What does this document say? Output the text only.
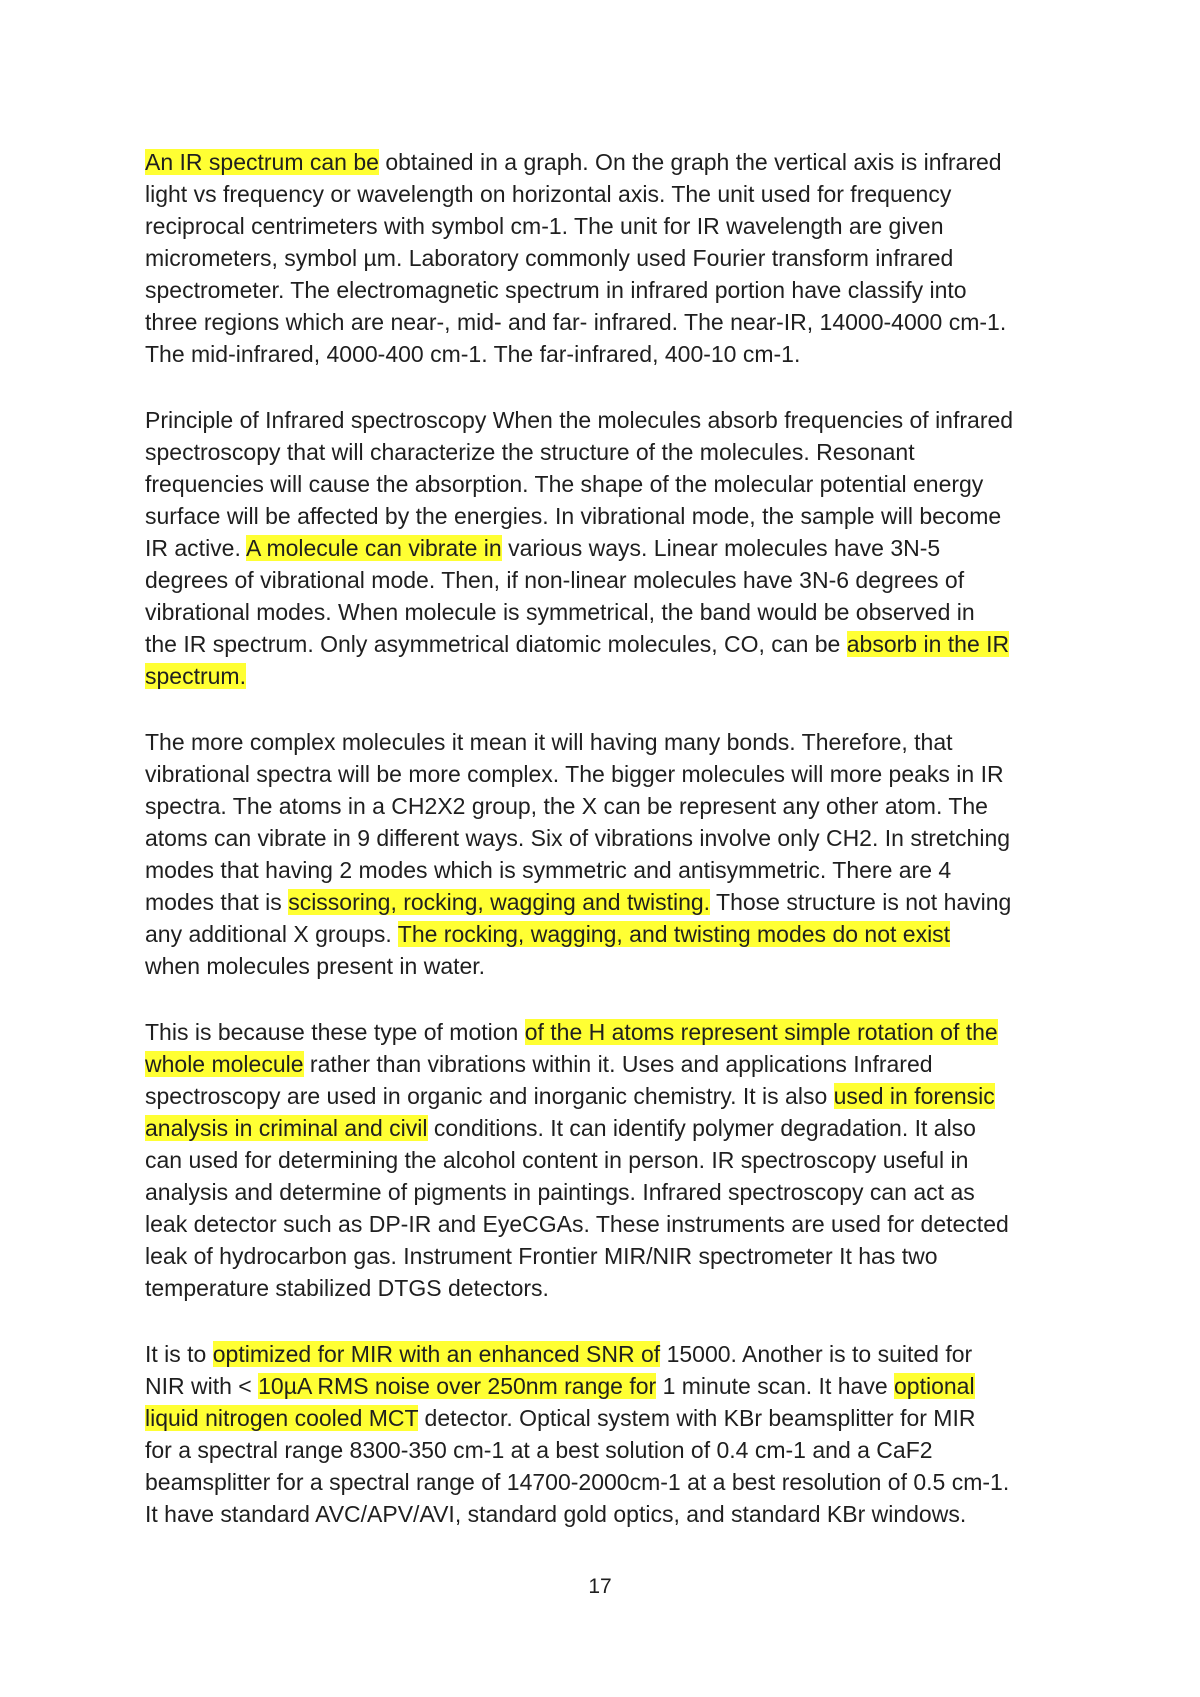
An IR spectrum can be obtained in a graph. On the graph the vertical axis is infrared
light vs frequency or wavelength on horizontal axis. The unit used for frequency
reciprocal centrimeters with symbol cm-1. The unit for IR wavelength are given
micrometers, symbol µm. Laboratory commonly used Fourier transform infrared
spectrometer. The electromagnetic spectrum in infrared portion have classify into
three regions which are near-, mid- and far- infrared. The near-IR, 14000-4000 cm-1.
The mid-infrared, 4000-400 cm-1. The far-infrared, 400-10 cm-1.
Principle of Infrared spectroscopy When the molecules absorb frequencies of infrared
spectroscopy that will characterize the structure of the molecules. Resonant
frequencies will cause the absorption. The shape of the molecular potential energy
surface will be affected by the energies. In vibrational mode, the sample will become
IR active. A molecule can vibrate in various ways. Linear molecules have 3N-5
degrees of vibrational mode. Then, if non-linear molecules have 3N-6 degrees of
vibrational modes. When molecule is symmetrical, the band would be observed in
the IR spectrum. Only asymmetrical diatomic molecules, CO, can be absorb in the IR
spectrum.
The more complex molecules it mean it will having many bonds. Therefore, that
vibrational spectra will be more complex. The bigger molecules will more peaks in IR
spectra. The atoms in a CH2X2 group, the X can be represent any other atom. The
atoms can vibrate in 9 different ways. Six of vibrations involve only CH2. In stretching
modes that having 2 modes which is symmetric and antisymmetric. There are 4
modes that is scissoring, rocking, wagging and twisting. Those structure is not having
any additional X groups. The rocking, wagging, and twisting modes do not exist
when molecules present in water.
This is because these type of motion of the H atoms represent simple rotation of the
whole molecule rather than vibrations within it. Uses and applications Infrared
spectroscopy are used in organic and inorganic chemistry. It is also used in forensic
analysis in criminal and civil conditions. It can identify polymer degradation. It also
can used for determining the alcohol content in person. IR spectroscopy useful in
analysis and determine of pigments in paintings. Infrared spectroscopy can act as
leak detector such as DP-IR and EyeCGAs. These instruments are used for detected
leak of hydrocarbon gas. Instrument Frontier MIR/NIR spectrometer It has two
temperature stabilized DTGS detectors.
It is to optimized for MIR with an enhanced SNR of 15000. Another is to suited for
NIR with < 10µA RMS noise over 250nm range for 1 minute scan. It have optional
liquid nitrogen cooled MCT detector. Optical system with KBr beamsplitter for MIR
for a spectral range 8300-350 cm-1 at a best solution of 0.4 cm-1 and a CaF2
beamsplitter for a spectral range of 14700-2000cm-1 at a best resolution of 0.5 cm-1.
It have standard AVC/APV/AVI, standard gold optics, and standard KBr windows.
17
